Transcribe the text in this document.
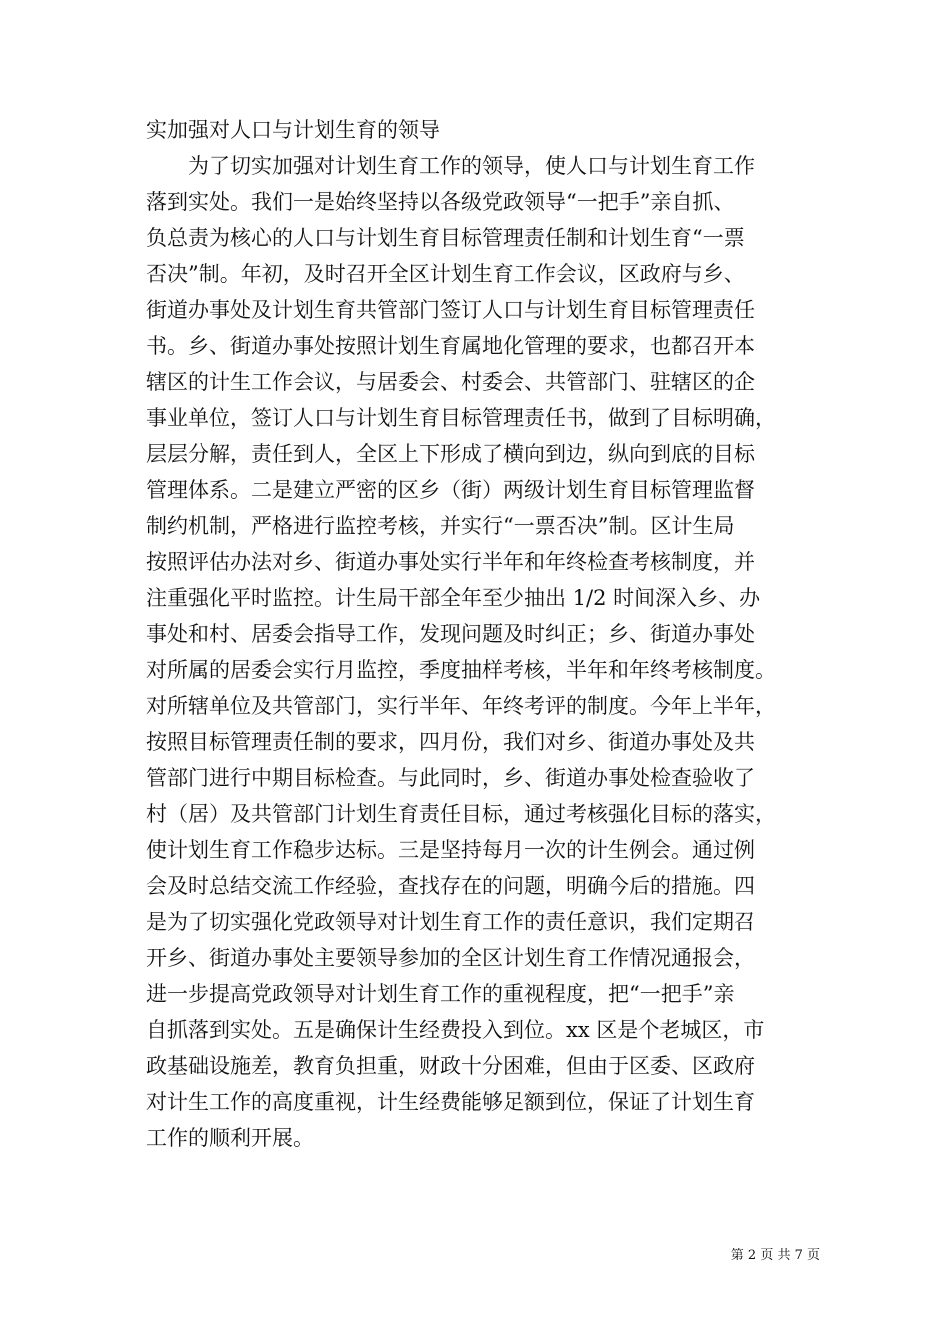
实加强对人口与计划生育的领导

　　为了切实加强对计划生育工作的领导，使人口与计划生育工作

落到实处。我们一是始终坚持以各级党政领导“一把手”亲自抓、

负总责为核心的人口与计划生育目标管理责任制和计划生育“一票

否决”制。年初，及时召开全区计划生育工作会议，区政府与乡、

街道办事处及计划生育共管部门签订人口与计划生育目标管理责任

书。乡、街道办事处按照计划生育属地化管理的要求，也都召开本

辖区的计生工作会议，与居委会、村委会、共管部门、驻辖区的企

事业单位，签订人口与计划生育目标管理责任书，做到了目标明确，

层层分解，责任到人，全区上下形成了横向到边，纵向到底的目标

管理体系。二是建立严密的区乡（街）两级计划生育目标管理监督

制约机制，严格进行监控考核，并实行“一票否决”制。区计生局

按照评估办法对乡、街道办事处实行半年和年终检查考核制度，并

注重强化平时监控。计生局干部全年至少抽出 1/2 时间深入乡、办

事处和村、居委会指导工作，发现问题及时纠正；乡、街道办事处

对所属的居委会实行月监控，季度抽样考核，半年和年终考核制度。

对所辖单位及共管部门，实行半年、年终考评的制度。今年上半年，

按照目标管理责任制的要求，四月份，我们对乡、街道办事处及共

管部门进行中期目标检查。与此同时，乡、街道办事处检查验收了

村（居）及共管部门计划生育责任目标，通过考核强化目标的落实，

使计划生育工作稳步达标。三是坚持每月一次的计生例会。通过例

会及时总结交流工作经验，查找存在的问题，明确今后的措施。四

是为了切实强化党政领导对计划生育工作的责任意识，我们定期召

开乡、街道办事处主要领导参加的全区计划生育工作情况通报会，

进一步提高党政领导对计划生育工作的重视程度，把“一把手”亲

自抓落到实处。五是确保计生经费投入到位。xx 区是个老城区，市

政基础设施差，教育负担重，财政十分困难，但由于区委、区政府

对计生工作的高度重视，计生经费能够足额到位，保证了计划生育

工作的顺利开展。

第 2 页 共 7 页
